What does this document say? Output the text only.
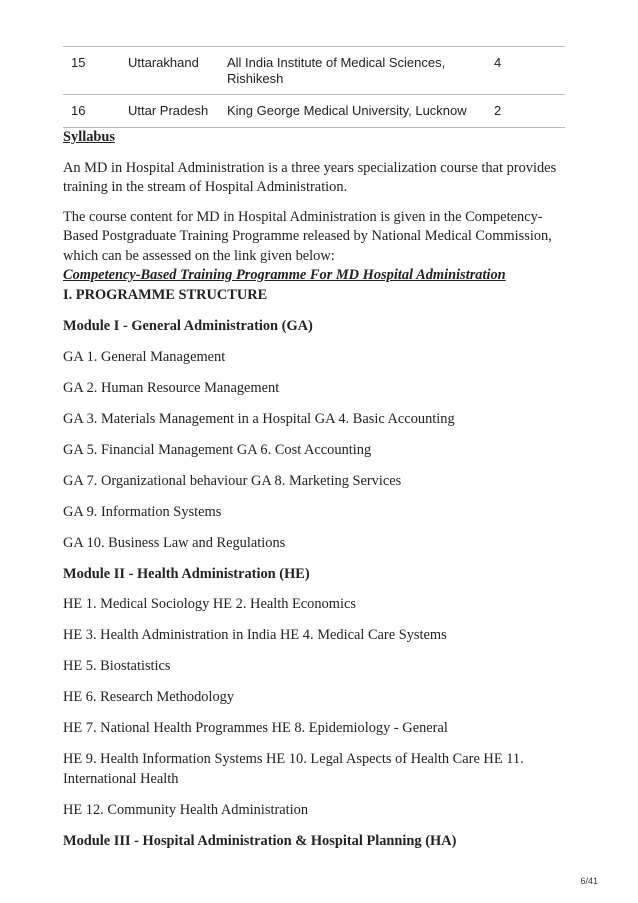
15	Uttarakhand	All India Institute of Medical Sciences, Rishikesh	4
16	Uttar Pradesh	King George Medical University, Lucknow	2

Syllabus

An MD in Hospital Administration is a three years specialization course that provides training in the stream of Hospital Administration.

The course content for MD in Hospital Administration is given in the Competency-Based Postgraduate Training Programme released by National Medical Commission, which can be assessed on the link given below:

Competency-Based Training Programme For MD Hospital Administration

I. PROGRAMME STRUCTURE

Module I - General Administration (GA)

GA 1. General Management

GA 2. Human Resource Management

GA 3. Materials Management in a Hospital GA 4. Basic Accounting

GA 5. Financial Management GA 6. Cost Accounting

GA 7. Organizational behaviour GA 8. Marketing Services

GA 9. Information Systems

GA 10. Business Law and Regulations

Module II - Health Administration (HE)

HE 1. Medical Sociology HE 2. Health Economics

HE 3. Health Administration in India HE 4. Medical Care Systems

HE 5. Biostatistics

HE 6. Research Methodology

HE 7. National Health Programmes HE 8. Epidemiology - General

HE 9. Health Information Systems HE 10. Legal Aspects of Health Care HE 11. International Health

HE 12. Community Health Administration

Module III - Hospital Administration & Hospital Planning (HA)

6/41
